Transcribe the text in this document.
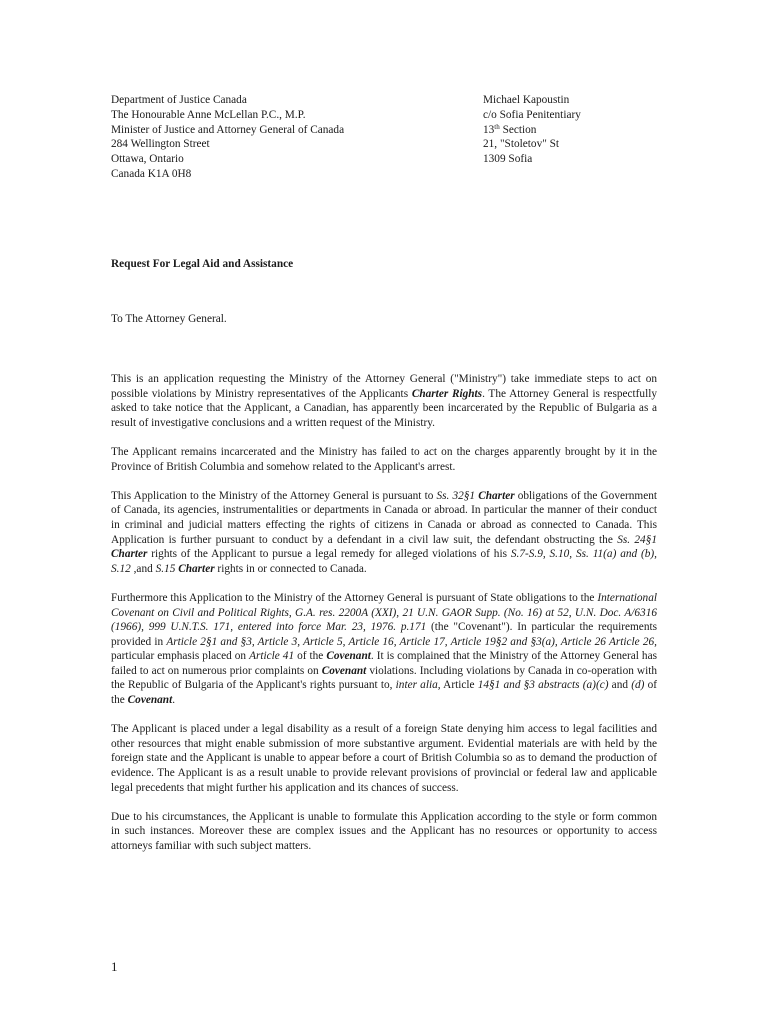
Department of Justice Canada
The Honourable Anne McLellan P.C., M.P.
Minister of Justice and Attorney General of Canada
284 Wellington Street
Ottawa, Ontario
Canada K1A 0H8
Michael Kapoustin
c/o Sofia Penitentiary
13th Section
21, "Stoletov" St
1309 Sofia

Request For Legal Aid and Assistance

To The Attorney General.

This is an application requesting the Ministry of the Attorney General ("Ministry") take immediate steps to act on possible violations by Ministry representatives of the Applicants Charter Rights. The Attorney General is respectfully asked to take notice that the Applicant, a Canadian, has apparently been incarcerated by the Republic of Bulgaria as a result of investigative conclusions and a written request of the Ministry.

The Applicant remains incarcerated and the Ministry has failed to act on the charges apparently brought by it in the Province of British Columbia and somehow related to the Applicant's arrest.

This Application to the Ministry of the Attorney General is pursuant to Ss. 32§1 Charter obligations of the Government of Canada, its agencies, instrumentalities or departments in Canada or abroad. In particular the manner of their conduct in criminal and judicial matters effecting the rights of citizens in Canada or abroad as connected to Canada. This Application is further pursuant to conduct by a defendant in a civil law suit, the defendant obstructing the Ss. 24§1 Charter rights of the Applicant to pursue a legal remedy for alleged violations of his S.7-S.9, S.10, Ss. 11(a) and (b), S.12 ,and S.15 Charter rights in or connected to Canada.

Furthermore this Application to the Ministry of the Attorney General is pursuant of State obligations to the International Covenant on Civil and Political Rights, G.A. res. 2200A (XXI), 21 U.N. GAOR Supp. (No. 16) at 52, U.N. Doc. A/6316 (1966), 999 U.N.T.S. 171, entered into force Mar. 23, 1976. p.171 (the "Covenant"). In particular the requirements provided in Article 2§1 and §3, Article 3, Article 5, Article 16, Article 17, Article 19§2 and §3(a), Article 26 Article 26, particular emphasis placed on Article 41 of the Covenant. It is complained that the Ministry of the Attorney General has failed to act on numerous prior complaints on Covenant violations. Including violations by Canada in co-operation with the Republic of Bulgaria of the Applicant's rights pursuant to, inter alia, Article 14§1 and §3 abstracts (a)(c) and (d) of the Covenant.

The Applicant is placed under a legal disability as a result of a foreign State denying him access to legal facilities and other resources that might enable submission of more substantive argument. Evidential materials are with held by the foreign state and the Applicant is unable to appear before a court of British Columbia so as to demand the production of evidence. The Applicant is as a result unable to provide relevant provisions of provincial or federal law and applicable legal precedents that might further his application and its chances of success.

Due to his circumstances, the Applicant is unable to formulate this Application according to the style or form common in such instances. Moreover these are complex issues and the Applicant has no resources or opportunity to access attorneys familiar with such subject matters.

1
